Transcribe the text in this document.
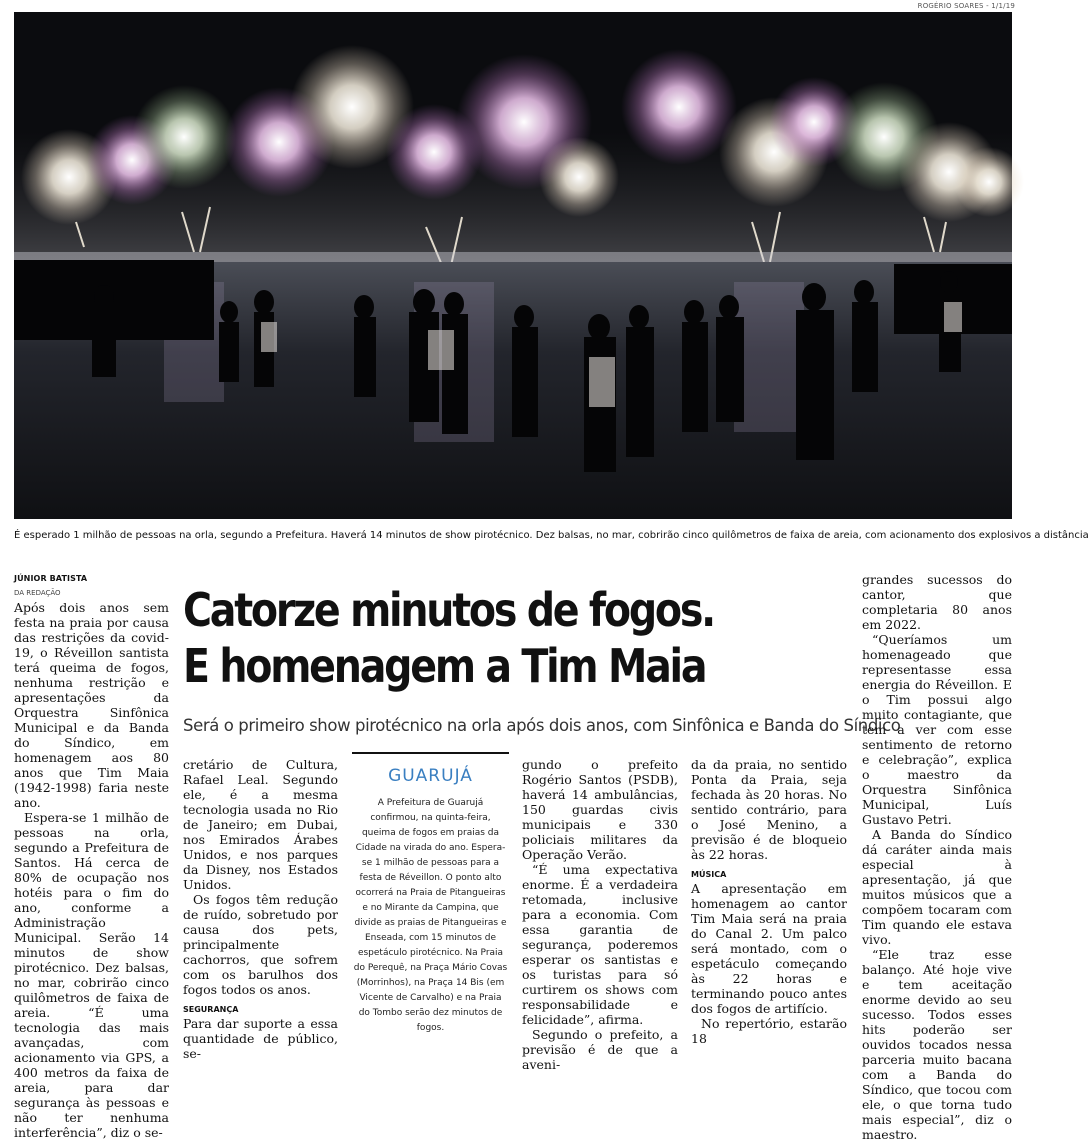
ROGÉRIO SOARES - 1/1/19
É esperado 1 milhão de pessoas na orla, segundo a Prefeitura. Haverá 14 minutos de show pirotécnico. Dez balsas, no mar, cobrirão cinco quilômetros de faixa de areia, com acionamento dos explosivos a distância
JÚNIOR BATISTA
DA REDAÇÃO	Catorze minutos de fogos.
E homenagem a Tim Maia
Será o primeiro show pirotécnico na orla após dois anos, com Sinfônica e Banda do Síndico

Após dois anos sem festa na praia por causa das restrições da covid-19, o Réveillon santista terá queima de fogos, nenhuma restrição e apresentações da Orquestra Sinfônica Municipal e da Banda do Síndico, em homenagem aos 80 anos que Tim Maia (1942-1998) faria neste ano.

Espera-se 1 milhão de pessoas na orla, segundo a Prefeitura de Santos. Há cerca de 80% de ocupação nos hotéis para o fim do ano, conforme a Administração Municipal. Serão 14 minutos de show pirotécnico. Dez balsas, no mar, cobrirão cinco quilômetros de faixa de areia. “É uma tecnologia das mais avançadas, com acionamento via GPS, a 400 metros da faixa de areia, para dar segurança às pessoas e não ter nenhuma interferência”, diz o se-

cretário de Cultura, Rafael Leal. Segundo ele, é a mesma tecnologia usada no Rio de Janeiro; em Dubai, nos Emirados Árabes Unidos, e nos parques da Disney, nos Estados Unidos.

Os fogos têm redução de ruído, sobretudo por causa dos pets, principalmente cachorros, que sofrem com os barulhos dos fogos todos os anos.

SEGURANÇA

Para dar suporte a essa quantidade de público, se-

GUARUJÁ
A Prefeitura de Guarujá confirmou, na quinta-feira, queima de fogos em praias da Cidade na virada do ano. Espera-se 1 milhão de pessoas para a festa de Réveillon. O ponto alto ocorrerá na Praia de Pitangueiras e no Mirante da Campina, que divide as praias de Pitangueiras e Enseada, com 15 minutos de espetáculo pirotécnico. Na Praia do Perequê, na Praça Mário Covas (Morrinhos), na Praça 14 Bis (em Vicente de Carvalho) e na Praia do Tombo serão dez minutos de fogos.

gundo o prefeito Rogério Santos (PSDB), haverá 14 ambulâncias, 150 guardas civis municipais e 330 policiais militares da Operação Verão.

“É uma expectativa enorme. É a verdadeira retomada, inclusive para a economia. Com essa garantia de segurança, poderemos esperar os santistas e os turistas para só curtirem os shows com responsabilidade e felicidade”, afirma.

Segundo o prefeito, a previsão é de que a aveni-

da da praia, no sentido Ponta da Praia, seja fechada às 20 horas. No sentido contrário, para o José Menino, a previsão é de bloqueio às 22 horas.

MÚSICA

A apresentação em homenagem ao cantor Tim Maia será na praia do Canal 2. Um palco será montado, com o espetáculo começando às 22 horas e terminando pouco antes dos fogos de artifício.

No repertório, estarão 18

grandes sucessos do cantor, que completaria 80 anos em 2022.

“Queríamos um homenageado que representasse essa energia do Réveillon. E o Tim possui algo muito contagiante, que tem a ver com esse sentimento de retorno e celebração”, explica o maestro da Orquestra Sinfônica Municipal, Luís Gustavo Petri.

A Banda do Síndico dá caráter ainda mais especial à apresentação, já que muitos músicos que a compõem tocaram com Tim quando ele estava vivo.

“Ele traz esse balanço. Até hoje vive e tem aceitação enorme devido ao seu sucesso. Todos esses hits poderão ser ouvidos tocados nessa parceria muito bacana com a Banda do Síndico, que tocou com ele, o que torna tudo mais especial”, diz o maestro.
